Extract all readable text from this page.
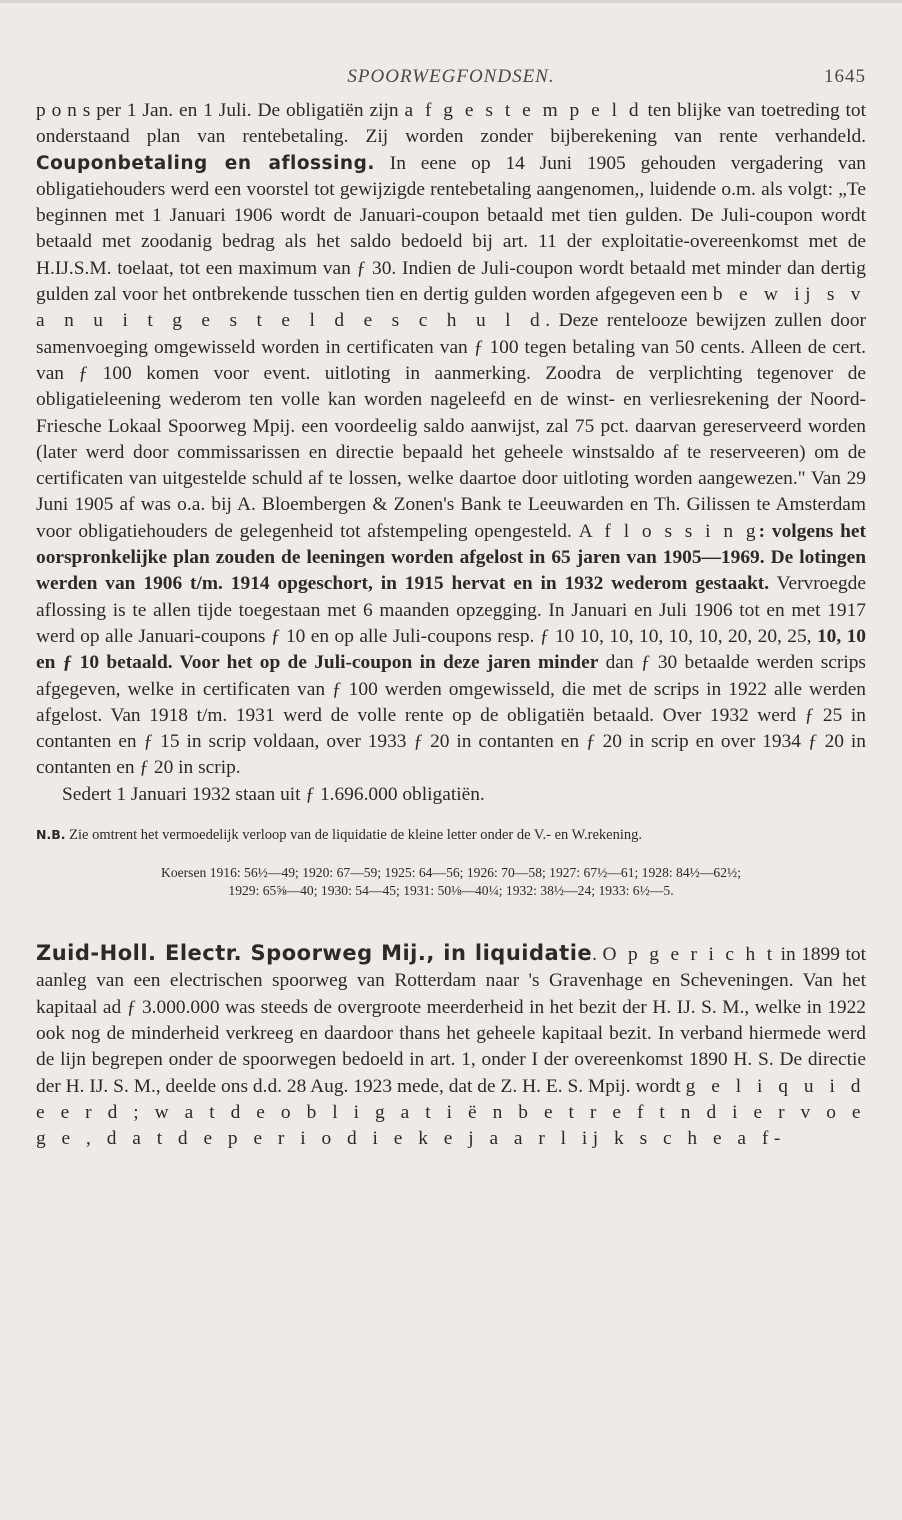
SPOORWEGFONDSEN.	1645

p o n s per 1 Jan. en 1 Juli. De obligatiën zijn a f g e s t e m p e l d ten blijke van toetreding tot onderstaand plan van rentebetaling. Zij worden zonder bijberekening van rente verhandeld. Couponbetaling en aflossing. In eene op 14 Juni 1905 gehouden vergadering van obligatiehouders werd een voorstel tot gewijzigde rentebetaling aangenomen,, luidende o.m. als volgt: „Te beginnen met 1 Januari 1906 wordt de Januari-coupon betaald met tien gulden. De Juli-coupon wordt betaald met zoodanig bedrag als het saldo bedoeld bij art. 11 der exploitatie-overeenkomst met de H.IJ.S.M. toelaat, tot een maximum van ƒ 30. Indien de Juli-coupon wordt betaald met minder dan dertig gulden zal voor het ontbrekende tusschen tien en dertig gulden worden afgegeven een b e w ij s v a n u i t g e s t e l d e s c h u l d. Deze rentelooze bewijzen zullen door samenvoeging omgewisseld worden in certificaten van ƒ 100 tegen betaling van 50 cents. Alleen de cert. van ƒ 100 komen voor event. uitloting in aanmerking. Zoodra de verplichting tegenover de obligatieleening wederom ten volle kan worden nageleefd en de winst- en verliesrekening der Noord-Friesche Lokaal Spoorweg Mpij. een voordeelig saldo aanwijst, zal 75 pct. daarvan gereserveerd worden (later werd door commissarissen en directie bepaald het geheele winstsaldo af te reserveeren) om de certificaten van uitgestelde schuld af te lossen, welke daartoe door uitloting worden aangewezen." Van 29 Juni 1905 af was o.a. bij A. Bloembergen & Zonen's Bank te Leeuwarden en Th. Gilissen te Amsterdam voor obligatiehouders de gelegenheid tot afstempeling opengesteld. A f l o s s i n g: volgens het oorspronkelijke plan zouden de leeningen worden afgelost in 65 jaren van 1905—1969. De lotingen werden van 1906 t/m. 1914 opgeschort, in 1915 hervat en in 1932 wederom gestaakt. Vervroegde aflossing is te allen tijde toegestaan met 6 maanden opzegging. In Januari en Juli 1906 tot en met 1917 werd op alle Januari-coupons ƒ 10 en op alle Juli-coupons resp. ƒ 10 10, 10, 10, 10, 10, 20, 20, 25, 10, 10 en ƒ 10 betaald. Voor het op de Juli-coupon in deze jaren minder dan ƒ 30 betaalde werden scrips afgegeven, welke in certificaten van ƒ 100 werden omgewisseld, die met de scrips in 1922 alle werden afgelost. Van 1918 t/m. 1931 werd de volle rente op de obligatiën betaald. Over 1932 werd ƒ 25 in contanten en ƒ 15 in scrip voldaan, over 1933 ƒ 20 in contanten en ƒ 20 in scrip en over 1934 ƒ 20 in contanten en ƒ 20 in scrip.

Sedert 1 Januari 1932 staan uit ƒ 1.696.000 obligatiën.

N.B. Zie omtrent het vermoedelijk verloop van de liquidatie de kleine letter onder de V.- en W.rekening.

Koersen 1916: 56½—49; 1920: 67—59; 1925: 64—56; 1926: 70—58; 1927: 67½—61; 1928: 84½—62½;
1929: 65⅝—40; 1930: 54—45; 1931: 50⅛—40¼; 1932: 38½—24; 1933: 6½—5.

Zuid-Holl. Electr. Spoorweg Mij., in liquidatie. O p g e r i c h t in 1899 tot aanleg van een electrischen spoorweg van Rotterdam naar 's Gravenhage en Scheveningen. Van het kapitaal ad ƒ 3.000.000 was steeds de overgroote meerderheid in het bezit der H. IJ. S. M., welke in 1922 ook nog de minderheid verkreeg en daardoor thans het geheele kapitaal bezit. In verband hiermede werd de lijn begrepen onder de spoorwegen bedoeld in art. 1, onder I der overeenkomst 1890 H. S. De directie der H. IJ. S. M., deelde ons d.d. 28 Aug. 1923 mede, dat de Z. H. E. S. Mpij. wordt g e l i q u i d e e r d ; w a t d e o b l i g a t i ë n b e t r e f t n d i e r v o e g e , d a t d e p e r i o d i e k e j a a r l ij k s c h e a f-
